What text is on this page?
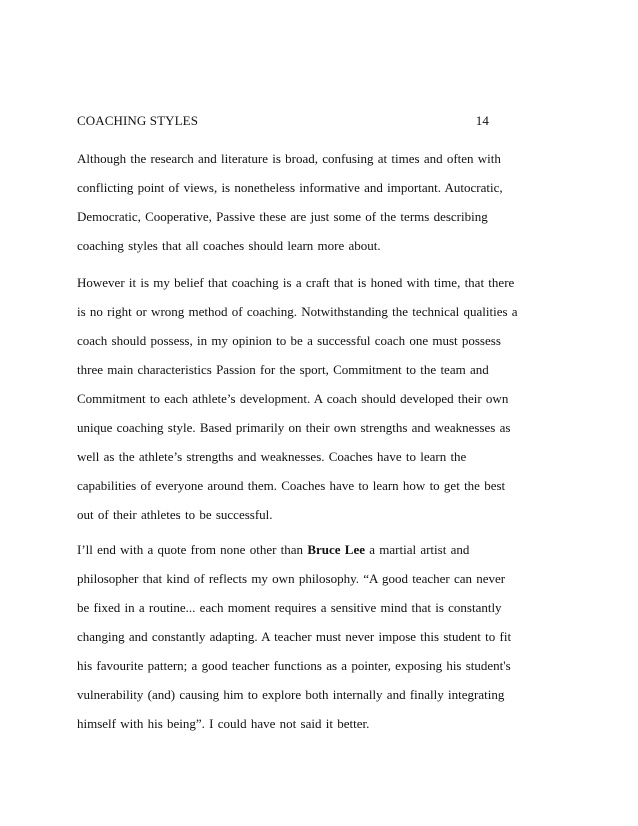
COACHING STYLES	14
Although the research and literature is broad, confusing at times and often with
conflicting point of views, is nonetheless informative and important. Autocratic,
Democratic, Cooperative, Passive these are just some of the terms describing
coaching styles that all coaches should learn more about.
However it is my belief that coaching is a craft that is honed with time, that there
is no right or wrong method of coaching. Notwithstanding the technical qualities a
coach should possess, in my opinion to be a successful coach one must possess
three main characteristics Passion for the sport, Commitment to the team and
Commitment to each athlete’s development. A coach should developed their own
unique coaching style. Based primarily on their own strengths and weaknesses as
well as the athlete’s strengths and weaknesses. Coaches have to learn the
capabilities of everyone around them. Coaches have to learn how to get the best
out of their athletes to be successful.
I’ll end with a quote from none other than Bruce Lee a martial artist and
philosopher that kind of reflects my own philosophy. “A good teacher can never
be fixed in a routine... each moment requires a sensitive mind that is constantly
changing and constantly adapting. A teacher must never impose this student to fit
his favourite pattern; a good teacher functions as a pointer, exposing his student's
vulnerability (and) causing him to explore both internally and finally integrating
himself with his being”. I could have not said it better.
